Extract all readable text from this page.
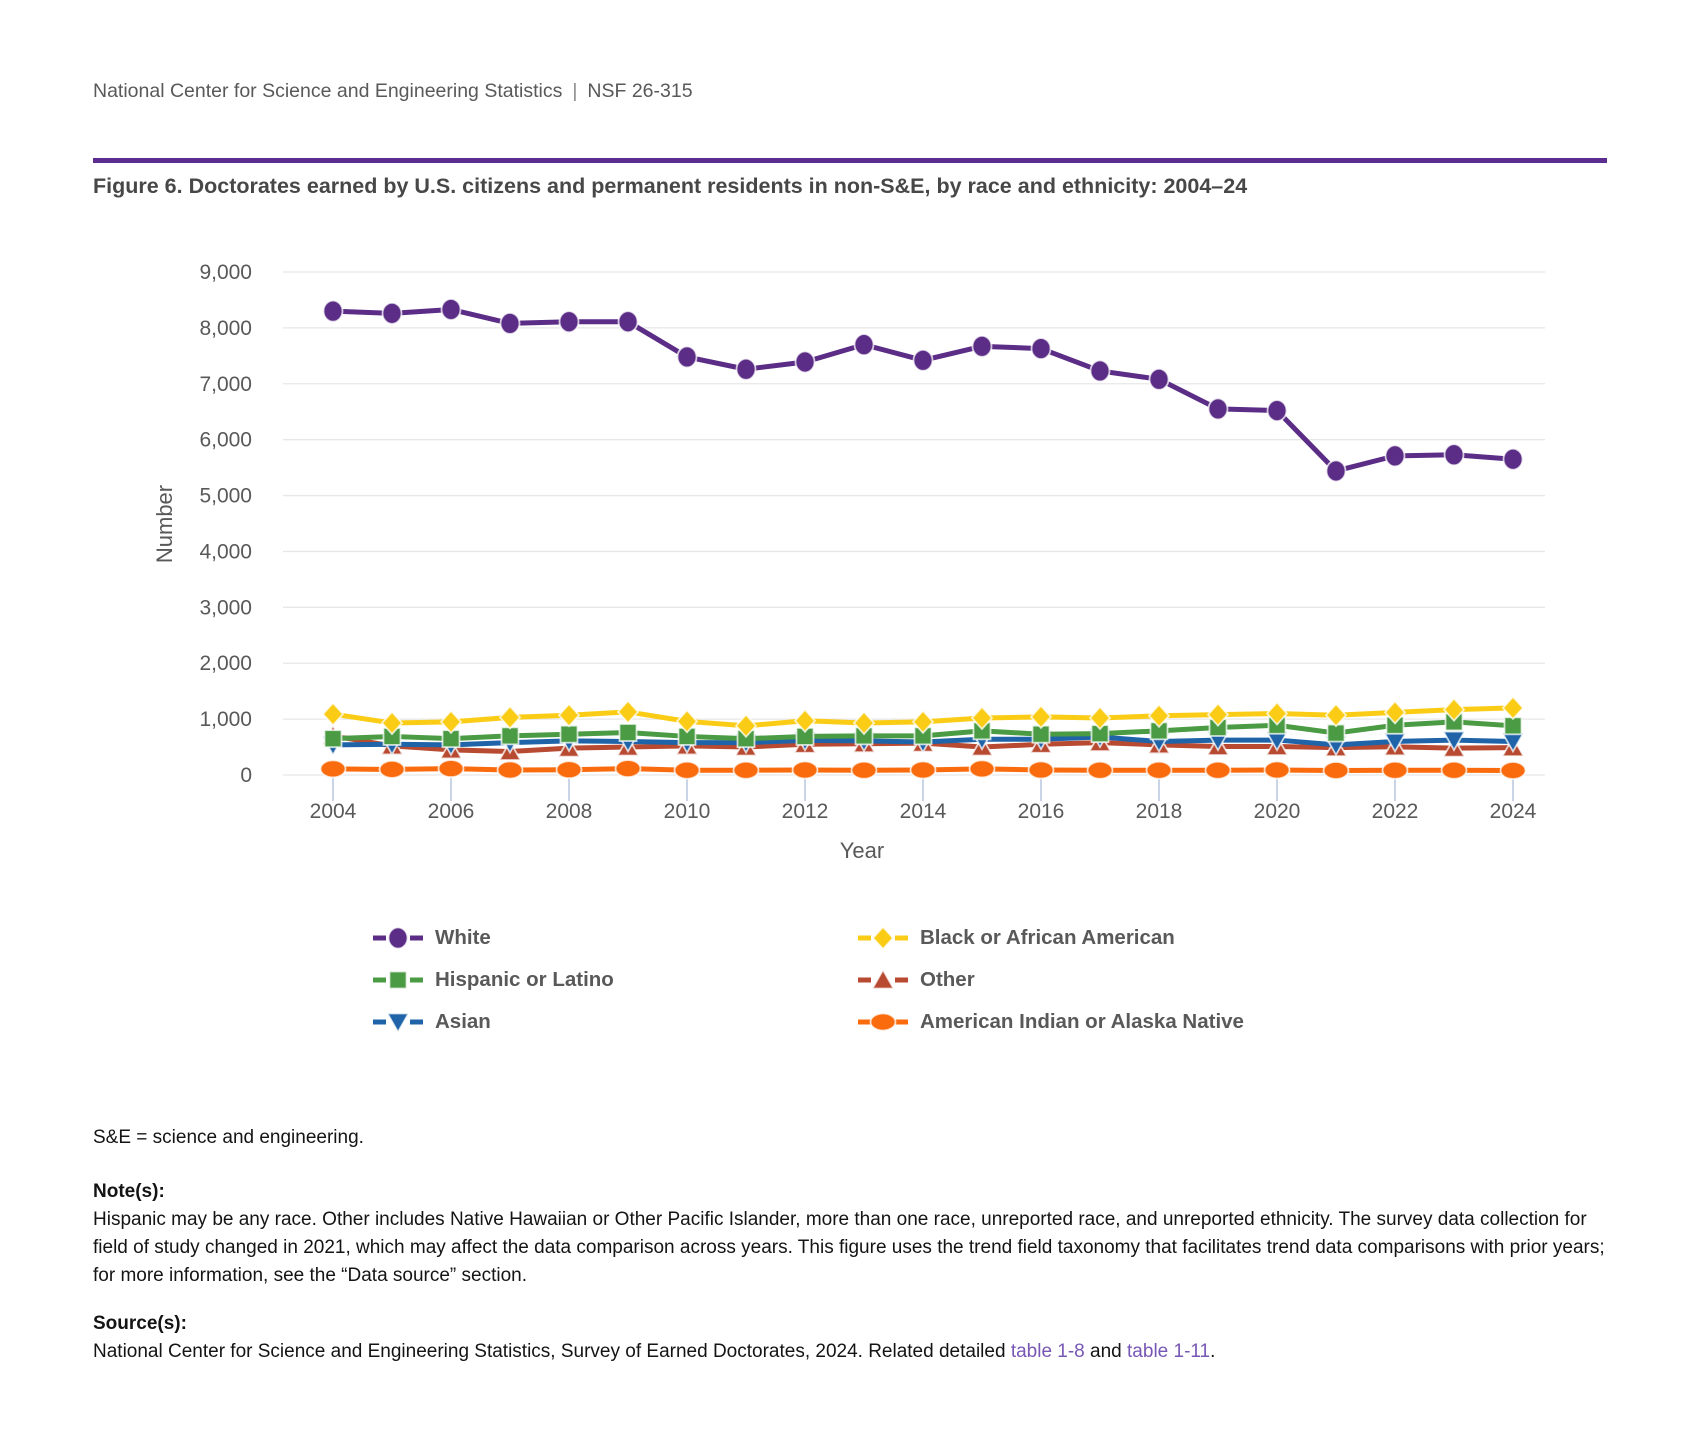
National Center for Science and Engineering Statistics | NSF 26-315
Figure 6. Doctorates earned by U.S. citizens and permanent residents in non-S&E, by race and ethnicity: 2004–24
0
1,000
2,000
3,000
4,000
5,000
6,000
7,000
8,000
9,000
2004	2006	2008	2010	2012	2014	2016	2018	2020	2022	2024
Year
Number
White	Black or African American
Hispanic or Latino	Other
Asian	American Indian or Alaska Native
S&E = science and engineering.
Note(s):

Hispanic may be any race. Other includes Native Hawaiian or Other Pacific Islander, more than one race, unreported race, and unreported ethnicity. The survey data collection for field of study changed in 2021, which may affect the data comparison across years. This figure uses the trend field taxonomy that facilitates trend data comparisons with prior years; for more information, see the “Data source” section.

Source(s):

National Center for Science and Engineering Statistics, Survey of Earned Doctorates, 2024. Related detailed table 1-8 and table 1-11.
